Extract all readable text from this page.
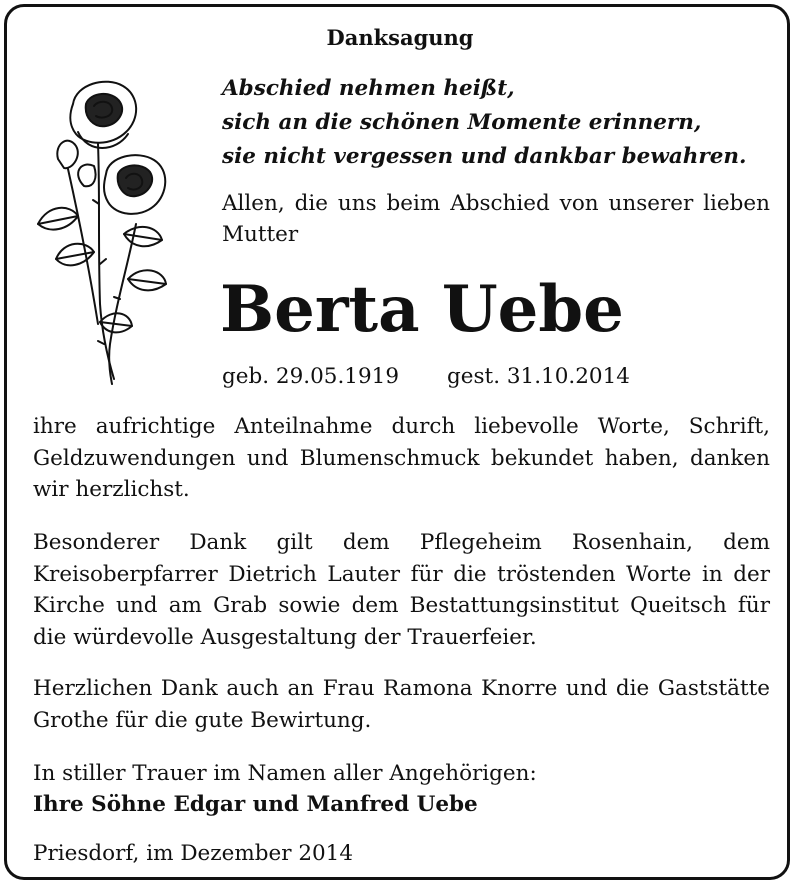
Danksagung
Abschied nehmen heißt,
sich an die schönen Momente erinnern,
sie nicht vergessen und dankbar bewahren.
Allen, die uns beim Abschied von unserer lieben Mutter
Berta Uebe
geb. 29.05.1919 gest. 31.10.2014
ihre aufrichtige Anteilnahme durch liebevolle Worte, Schrift, Geldzuwendungen und Blumenschmuck bekundet haben, danken wir herzlichst.
Besonderer Dank gilt dem Pflegeheim Rosenhain, dem Kreisoberpfarrer Dietrich Lauter für die tröstenden Worte in der Kirche und am Grab sowie dem Bestattungsinstitut Queitsch für die würdevolle Ausgestaltung der Trauerfeier.
Herzlichen Dank auch an Frau Ramona Knorre und die Gaststätte Grothe für die gute Bewirtung.
In stiller Trauer im Namen aller Angehörigen:
Ihre Söhne Edgar und Manfred Uebe
Priesdorf, im Dezember 2014
